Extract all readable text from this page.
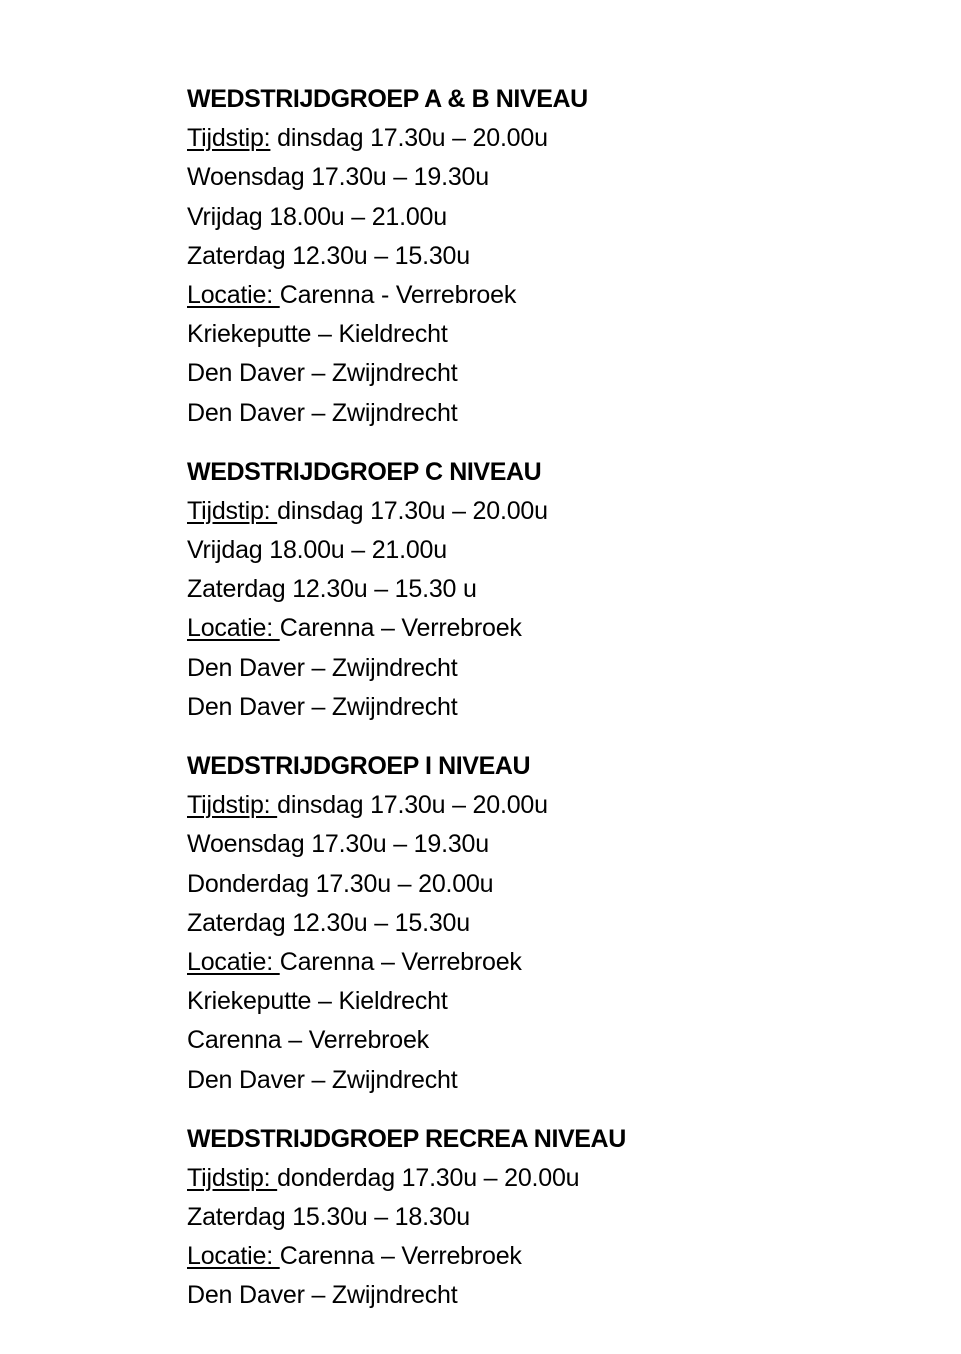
WEDSTRIJDGROEP A & B NIVEAU
Tijdstip: dinsdag 17.30u – 20.00u
Woensdag 17.30u – 19.30u
Vrijdag 18.00u – 21.00u
Zaterdag 12.30u – 15.30u
Locatie: Carenna - Verrebroek
Kriekeputte – Kieldrecht
Den Daver – Zwijndrecht
Den Daver – Zwijndrecht
WEDSTRIJDGROEP C NIVEAU
Tijdstip: dinsdag 17.30u – 20.00u
Vrijdag 18.00u – 21.00u
Zaterdag 12.30u – 15.30 u
Locatie: Carenna – Verrebroek
Den Daver – Zwijndrecht
Den Daver – Zwijndrecht
WEDSTRIJDGROEP I NIVEAU
Tijdstip: dinsdag 17.30u – 20.00u
Woensdag 17.30u – 19.30u
Donderdag 17.30u – 20.00u
Zaterdag 12.30u – 15.30u
Locatie: Carenna – Verrebroek
Kriekeputte – Kieldrecht
Carenna – Verrebroek
Den Daver – Zwijndrecht
WEDSTRIJDGROEP RECREA NIVEAU
Tijdstip: donderdag 17.30u – 20.00u
Zaterdag 15.30u – 18.30u
Locatie: Carenna – Verrebroek
Den Daver – Zwijndrecht
